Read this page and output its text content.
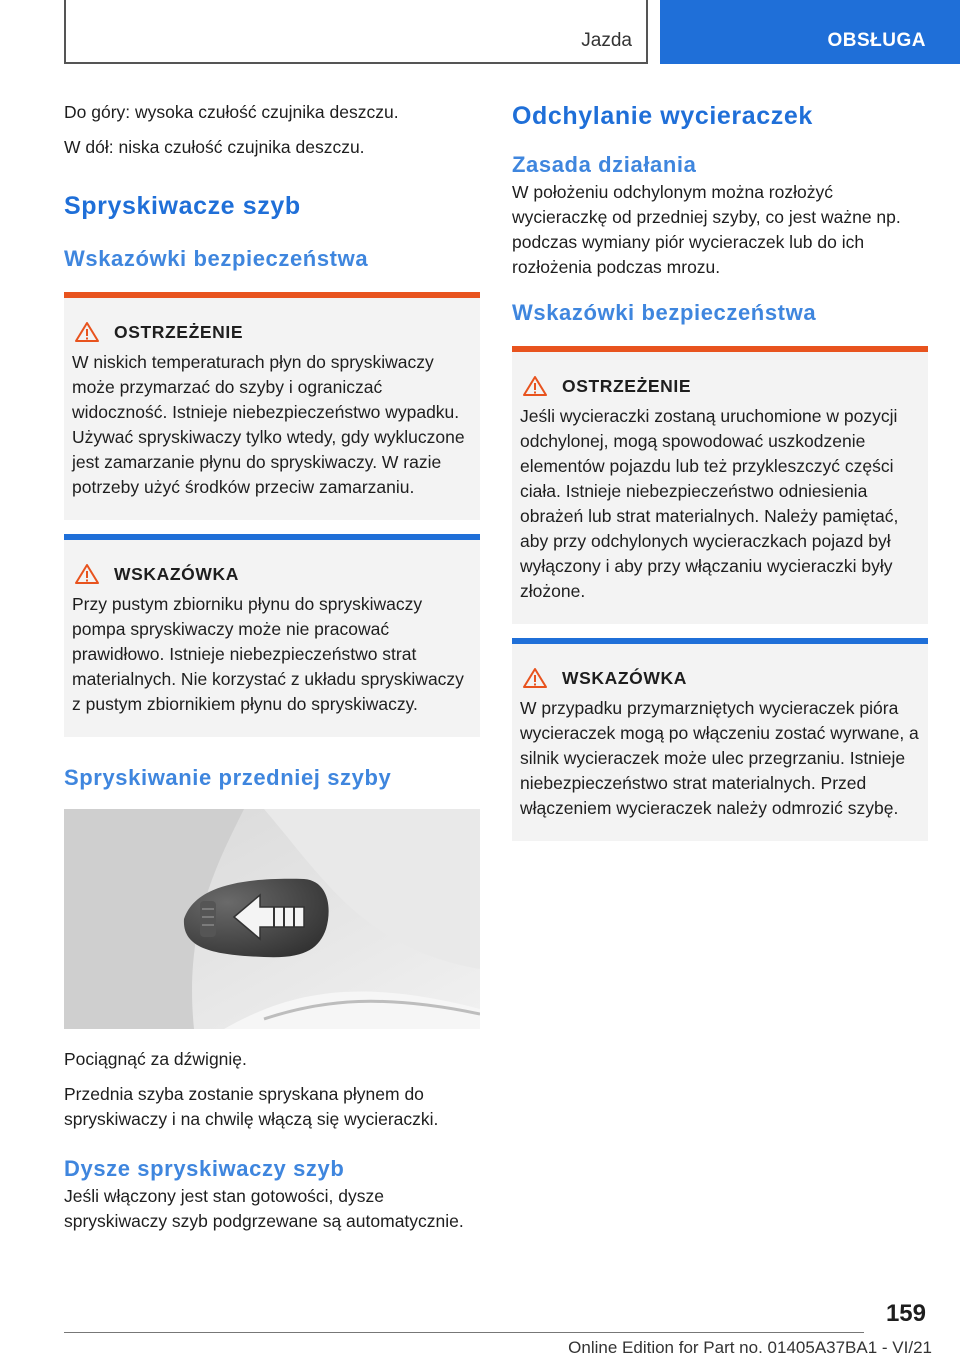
Jazda	OBSŁUGA

Do góry: wysoka czułość czujnika deszczu.

W dół: niska czułość czujnika deszczu.

Spryskiwacze szyb
Wskazówki bezpieczeństwa
OSTRZEŻENIE

W niskich temperaturach płyn do spryskiwaczy może przymarzać do szyby i ograniczać widoczność. Istnieje niebezpieczeństwo wypadku. Używać spryskiwaczy tylko wtedy, gdy wykluczone jest zamarzanie płynu do spryskiwaczy. W razie potrzeby użyć środków przeciw zamarzaniu.

WSKAZÓWKA

Przy pustym zbiorniku płynu do spryskiwaczy pompa spryskiwaczy może nie pracować prawidłowo. Istnieje niebezpieczeństwo strat materialnych. Nie korzystać z układu spryskiwaczy z pustym zbiornikiem płynu do spryskiwaczy.

Spryskiwanie przedniej szyby

Pociągnąć za dźwignię.

Przednia szyba zostanie spryskana płynem do spryskiwaczy i na chwilę włączą się wycieraczki.

Dysze spryskiwaczy szyb

Jeśli włączony jest stan gotowości, dysze spryskiwaczy szyb podgrzewane są automatycznie.

Odchylanie wycieraczek
Zasada działania

W położeniu odchylonym można rozłożyć wycieraczkę od przedniej szyby, co jest ważne np. podczas wymiany piór wycieraczek lub do ich rozłożenia podczas mrozu.

Wskazówki bezpieczeństwa
OSTRZEŻENIE

Jeśli wycieraczki zostaną uruchomione w pozycji odchylonej, mogą spowodować uszkodzenie elementów pojazdu lub też przykleszczyć części ciała. Istnieje niebezpieczeństwo odniesienia obrażeń lub strat materialnych. Należy pamiętać, aby przy odchylonych wycieraczkach pojazd był wyłączony i aby przy włączaniu wycieraczki były złożone.

WSKAZÓWKA

W przypadku przymarzniętych wycieraczek pióra wycieraczek mogą po włączeniu zostać wyrwane, a silnik wycieraczek może ulec przegrzaniu. Istnieje niebezpieczeństwo strat materialnych. Przed włączeniem wycieraczek należy odmrozić szybę.

159
Online Edition for Part no. 01405A37BA1 - VI/21
